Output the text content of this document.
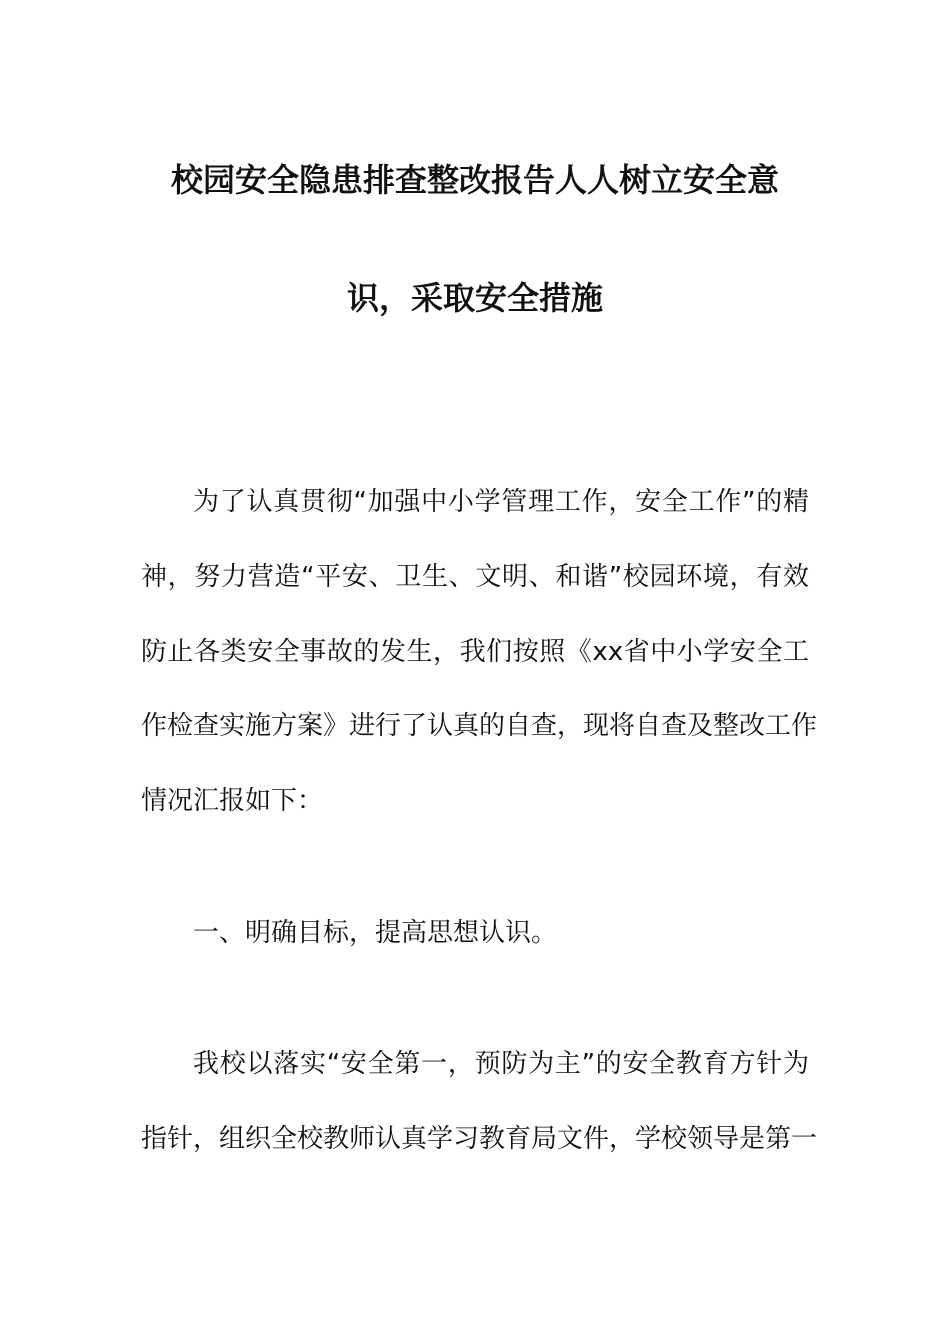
校园安全隐患排查整改报告人人树立安全意
识，采取安全措施
为了认真贯彻“加强中小学管理工作，安全工作”的精
神，努力营造“平安、卫生、文明、和谐”校园环境，有效
防止各类安全事故的发生，我们按照《xx省中小学安全工
作检查实施方案》进行了认真的自查，现将自查及整改工作
情况汇报如下：
一、明确目标，提高思想认识。
我校以落实“安全第一，预防为主”的安全教育方针为
指针，组织全校教师认真学习教育局文件，学校领导是第一
